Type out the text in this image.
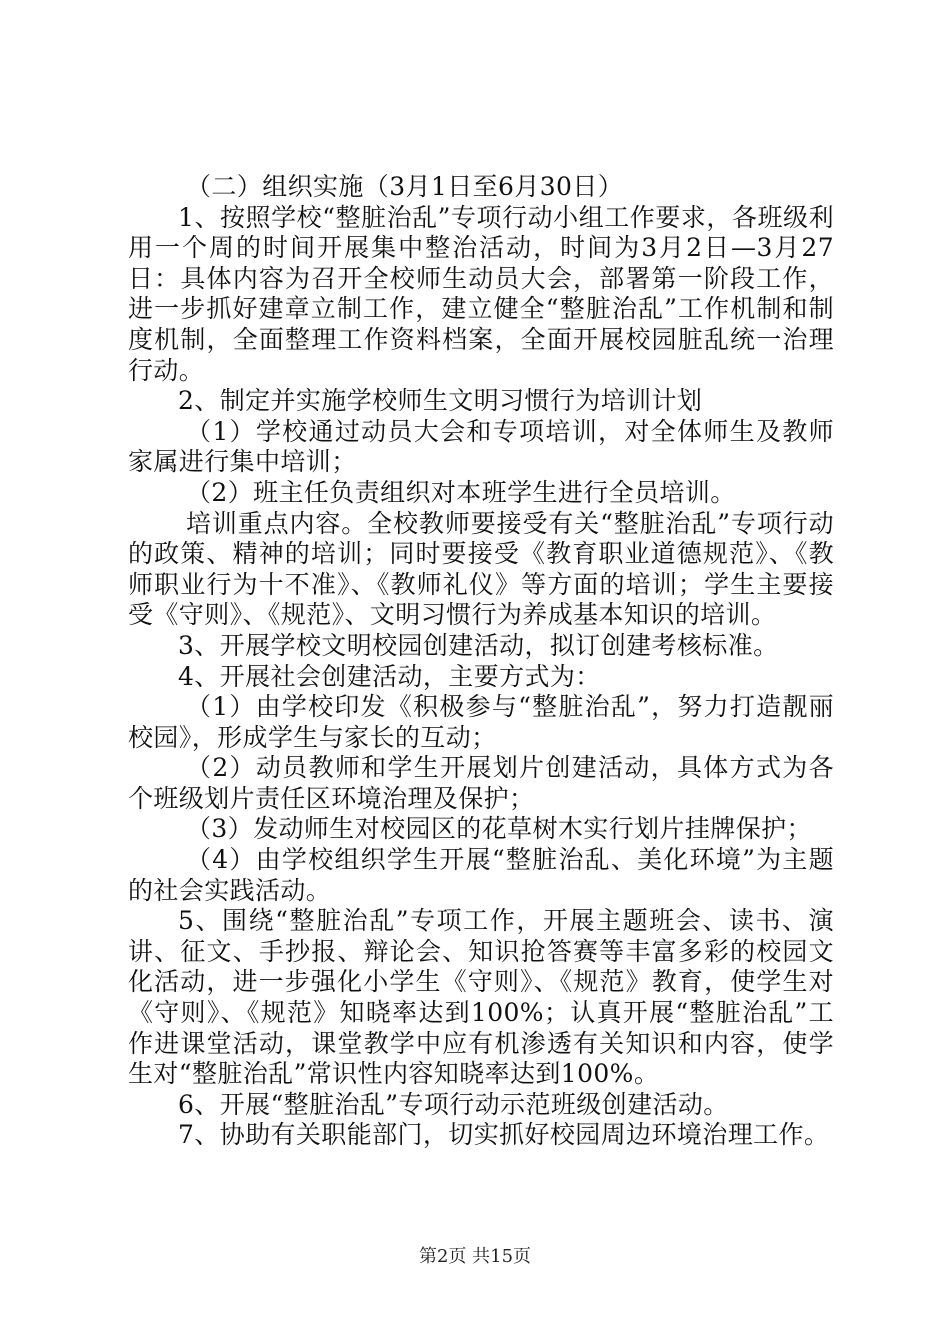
（二）组织实施（3月1日至6月30日）

1、按照学校“整脏治乱”专项行动小组工作要求，各班级利用一个周的时间开展集中整治活动，时间为3月2日—3月27日：具体内容为召开全校师生动员大会，部署第一阶段工作，进一步抓好建章立制工作，建立健全“整脏治乱”工作机制和制度机制，全面整理工作资料档案，全面开展校园脏乱统一治理行动。

2、制定并实施学校师生文明习惯行为培训计划

（1）学校通过动员大会和专项培训，对全体师生及教师家属进行集中培训；

（2）班主任负责组织对本班学生进行全员培训。

培训重点内容。全校教师要接受有关“整脏治乱”专项行动的政策、精神的培训；同时要接受《教育职业道德规范》、《教师职业行为十不准》、《教师礼仪》等方面的培训；学生主要接受《守则》、《规范》、文明习惯行为养成基本知识的培训。

3、开展学校文明校园创建活动，拟订创建考核标准。

4、开展社会创建活动，主要方式为：

（1）由学校印发《积极参与“整脏治乱”，努力打造靓丽校园》，形成学生与家长的互动；

（2）动员教师和学生开展划片创建活动，具体方式为各个班级划片责任区环境治理及保护；

（3）发动师生对校园区的花草树木实行划片挂牌保护；

（4）由学校组织学生开展“整脏治乱、美化环境”为主题的社会实践活动。

5、围绕“整脏治乱”专项工作，开展主题班会、读书、演讲、征文、手抄报、辩论会、知识抢答赛等丰富多彩的校园文化活动，进一步强化小学生《守则》、《规范》教育，使学生对《守则》、《规范》知晓率达到100%；认真开展“整脏治乱”工作进课堂活动，课堂教学中应有机渗透有关知识和内容，使学生对“整脏治乱”常识性内容知晓率达到100%。

6、开展“整脏治乱”专项行动示范班级创建活动。

7、协助有关职能部门，切实抓好校园周边环境治理工作。

第2页 共15页
